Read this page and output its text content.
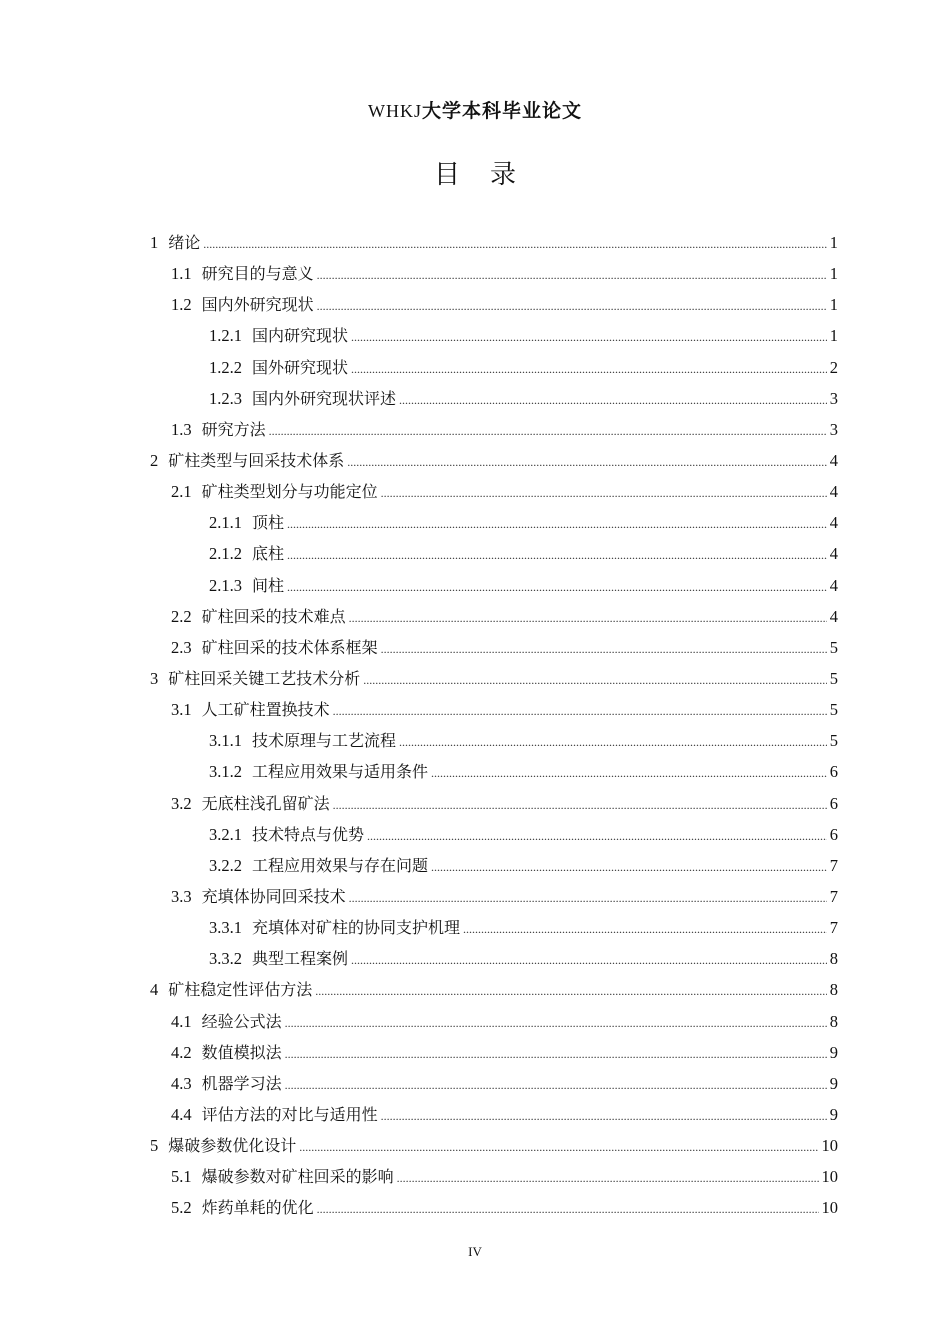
WHKJ大学本科毕业论文
目录
1 绪论 .....	1
1.1 研究目的与意义 .....	1
1.2 国内外研究现状 .....	1
1.2.1 国内研究现状 .....	1
1.2.2 国外研究现状 .....	2
1.2.3 国内外研究现状评述 .....	3
1.3 研究方法 .....	3
2 矿柱类型与回采技术体系 .....	4
2.1 矿柱类型划分与功能定位 .....	4
2.1.1 顶柱 .....	4
2.1.2 底柱 .....	4
2.1.3 间柱 .....	4
2.2 矿柱回采的技术难点 .....	4
2.3 矿柱回采的技术体系框架 .....	5
3 矿柱回采关键工艺技术分析 .....	5
3.1 人工矿柱置换技术 .....	5
3.1.1 技术原理与工艺流程 .....	5
3.1.2 工程应用效果与适用条件 .....	6
3.2 无底柱浅孔留矿法 .....	6
3.2.1 技术特点与优势 .....	6
3.2.2 工程应用效果与存在问题 .....	7
3.3 充填体协同回采技术 .....	7
3.3.1 充填体对矿柱的协同支护机理 .....	7
3.3.2 典型工程案例 .....	8
4 矿柱稳定性评估方法 .....	8
4.1 经验公式法 .....	8
4.2 数值模拟法 .....	9
4.3 机器学习法 .....	9
4.4 评估方法的对比与适用性 .....	9
5 爆破参数优化设计 .....	10
5.1 爆破参数对矿柱回采的影响 .....	10
5.2 炸药单耗的优化 .....	10
IV
